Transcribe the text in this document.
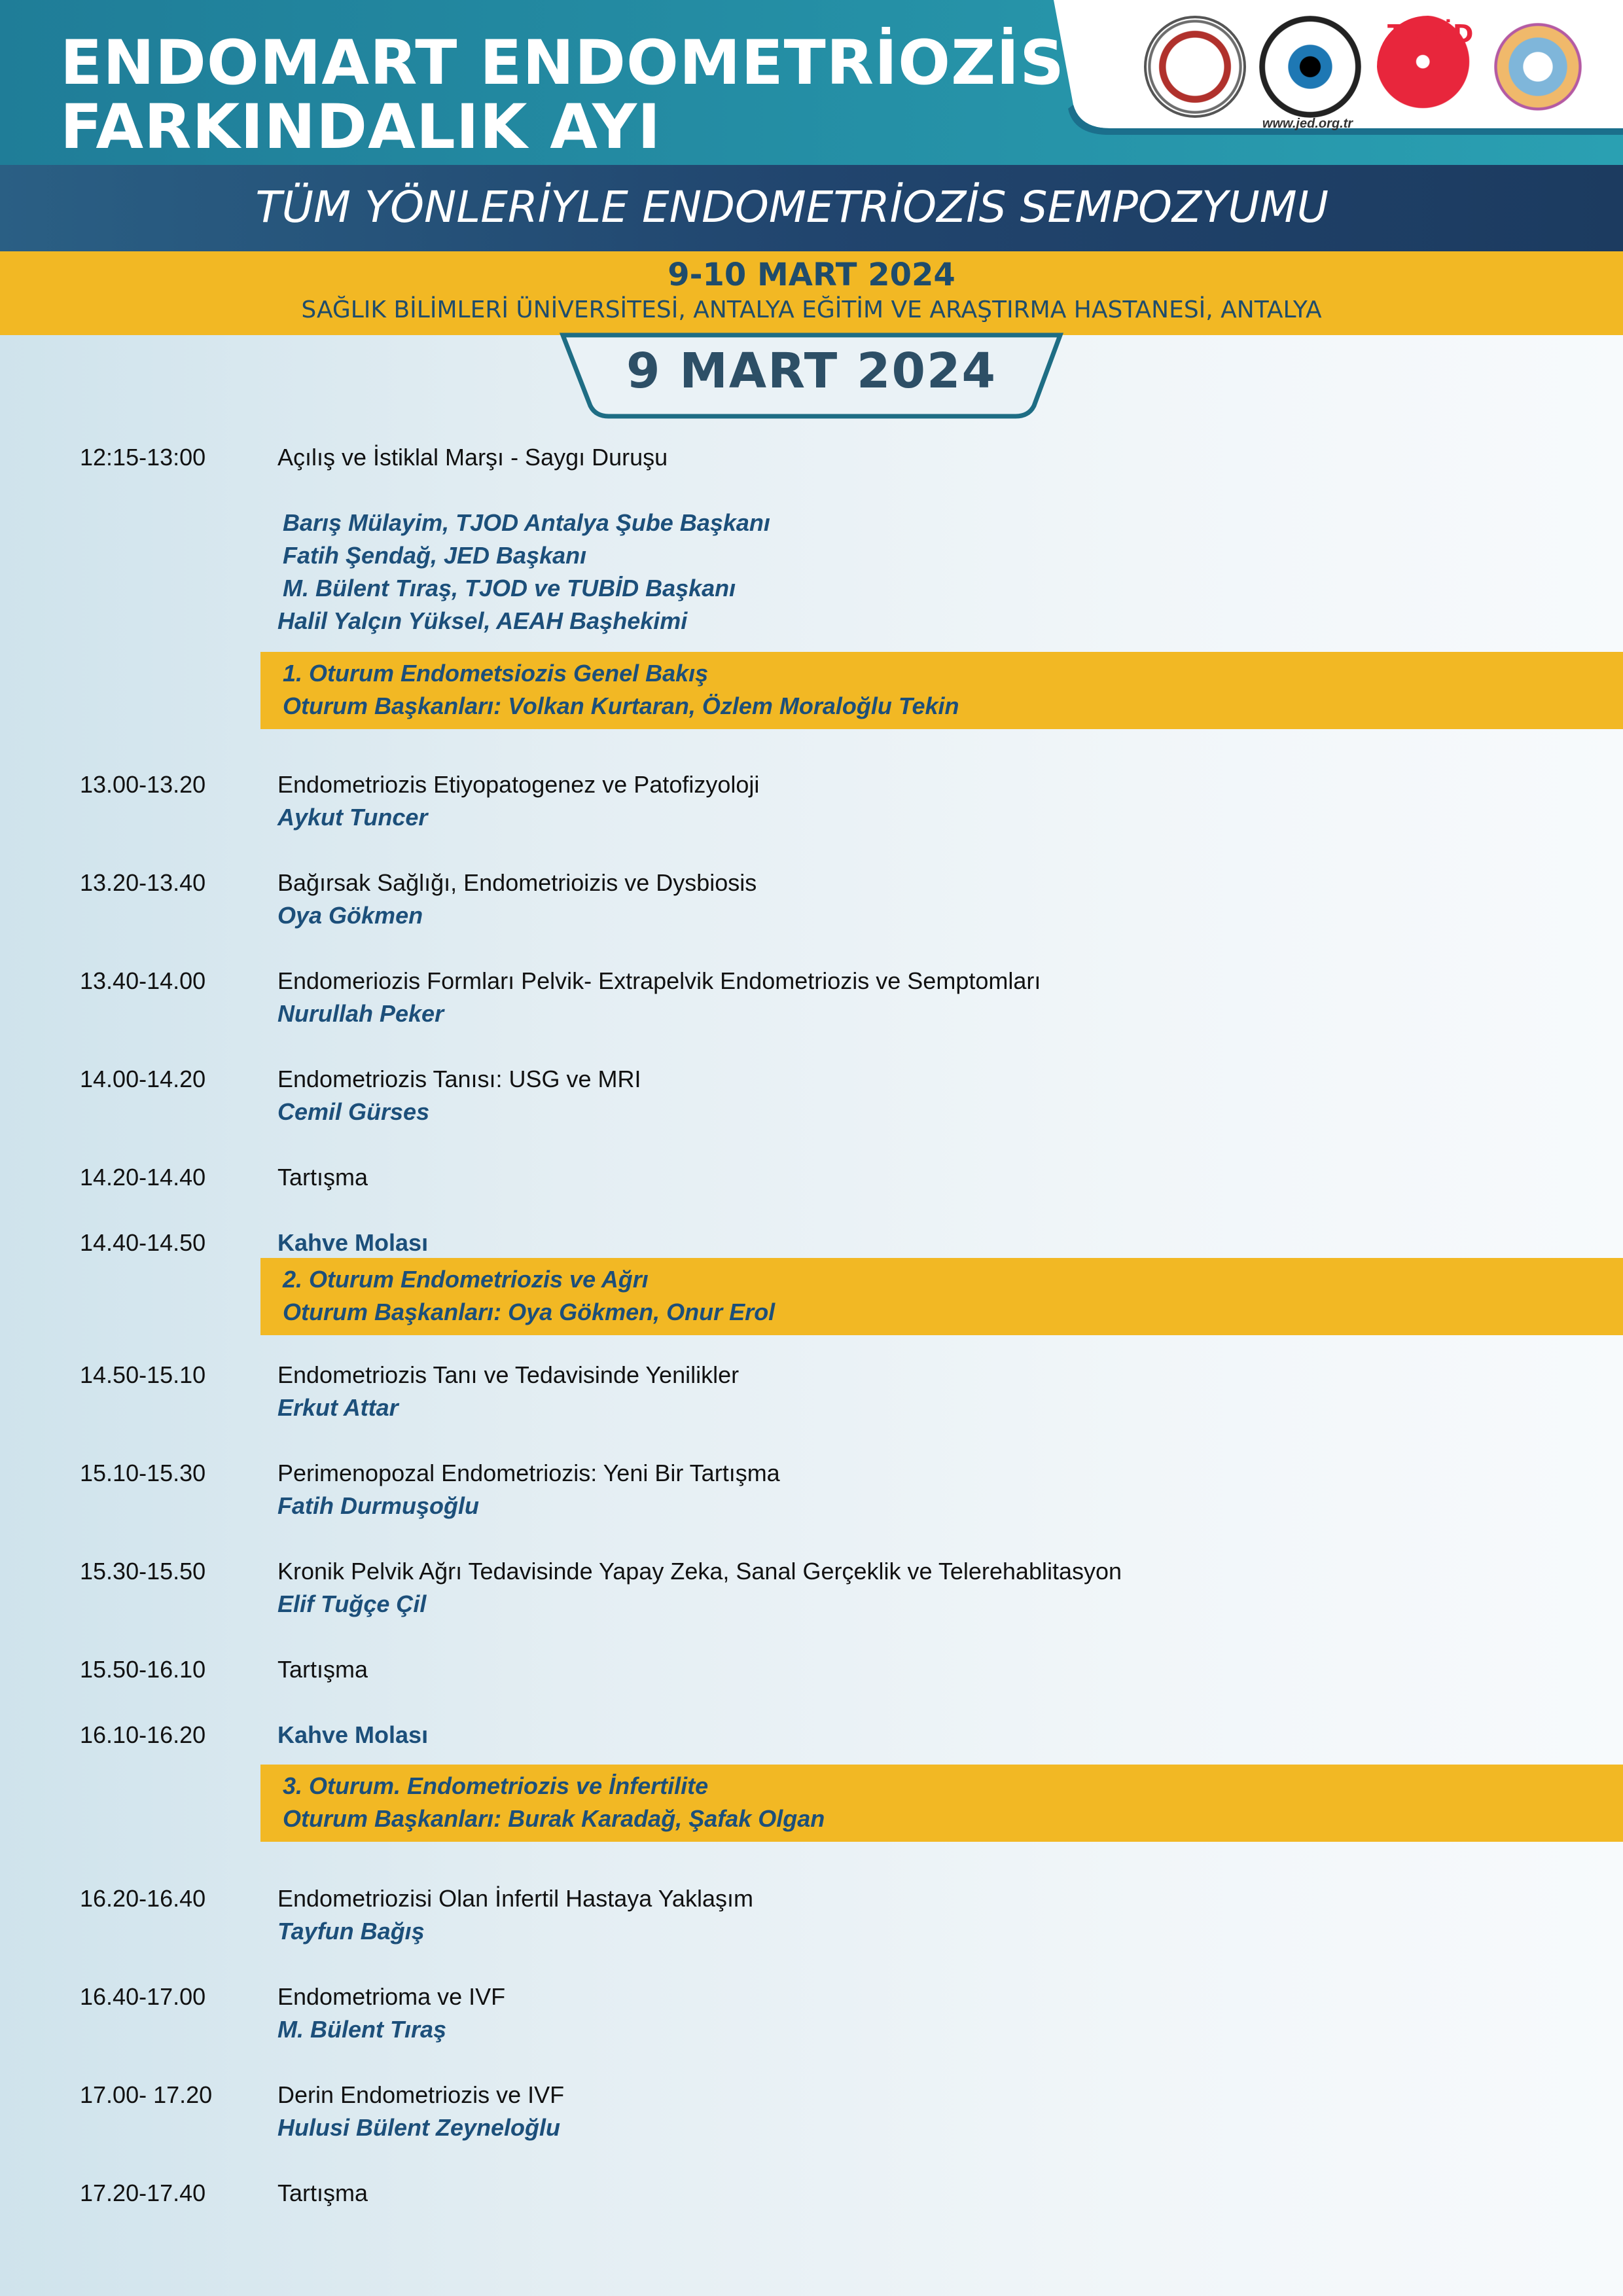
ENDOMART ENDOMETRİOZİS
FARKINDALIK AYI
TÜM YÖNLERİYLE ENDOMETRİOZİS SEMPOZYUMU
9-10 MART 2024
SAĞLIK BİLİMLERİ ÜNİVERSİTESİ, ANTALYA EĞİTİM VE ARAŞTIRMA HASTANESİ, ANTALYA
9 MART 2024
www.jed.org.tr
TÜBİD
12:15-13:00	Açılış ve İstiklal Marşı - Saygı Duruşu
Barış Mülayim, TJOD Antalya Şube Başkanı
Fatih Şendağ, JED Başkanı
M. Bülent Tıraş, TJOD ve TUBİD Başkanı
Halil Yalçın Yüksel, AEAH Başhekimi
1. Oturum Endometsiozis Genel Bakış
Oturum Başkanları: Volkan Kurtaran, Özlem Moraloğlu Tekin
13.00-13.20	Endometriozis Etiyopatogenez ve Patofizyoloji
Aykut Tuncer
13.20-13.40	Bağırsak Sağlığı, Endometrioizis ve Dysbiosis
Oya Gökmen
13.40-14.00	Endomeriozis Formları Pelvik- Extrapelvik Endometriozis ve Semptomları
Nurullah Peker
14.00-14.20	Endometriozis Tanısı: USG ve MRI
Cemil Gürses
14.20-14.40	Tartışma
14.40-14.50	Kahve Molası
2. Oturum Endometriozis ve Ağrı
Oturum Başkanları: Oya Gökmen, Onur Erol
14.50-15.10	Endometriozis Tanı ve Tedavisinde Yenilikler
Erkut Attar
15.10-15.30	Perimenopozal Endometriozis: Yeni Bir Tartışma
Fatih Durmuşoğlu
15.30-15.50	Kronik Pelvik Ağrı Tedavisinde Yapay Zeka, Sanal Gerçeklik ve Telerehablitasyon
Elif Tuğçe Çil
15.50-16.10	Tartışma
16.10-16.20	Kahve Molası
3. Oturum. Endometriozis ve İnfertilite
Oturum Başkanları: Burak Karadağ, Şafak Olgan
16.20-16.40	Endometriozisi Olan İnfertil Hastaya Yaklaşım
Tayfun Bağış
16.40-17.00	Endometrioma ve IVF
M. Bülent Tıraş
17.00- 17.20	Derin Endometriozis ve IVF
Hulusi Bülent Zeyneloğlu
17.20-17.40	Tartışma
